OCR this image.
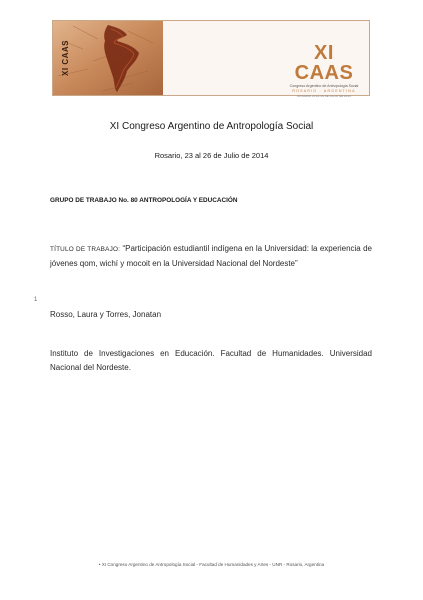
XI CAAS	XI CAAS
Congreso Argentino de Antropología Social
ROSARIO · ARGENTINA
ROSARIO 23 AL 26 DE JULIO DE 2014
XI Congreso Argentino de Antropología Social
Rosario, 23 al 26 de Julio de 2014
GRUPO DE TRABAJO No. 80 ANTROPOLOGÍA Y EDUCACIÓN
TÍTULO DE TRABAJO: “Participación estudiantil indígena en la Universidad: la experiencia de jóvenes qom, wichí y mocoit en la Universidad Nacional del Nordeste”
1
Rosso, Laura y Torres, Jonatan
Instituto de Investigaciones en Educación. Facultad de Humanidades. Universidad Nacional del Nordeste.
• XI Congreso Argentino de Antropología Social - Facultad de Humanidades y Artes - UNR - Rosario, Argentina
